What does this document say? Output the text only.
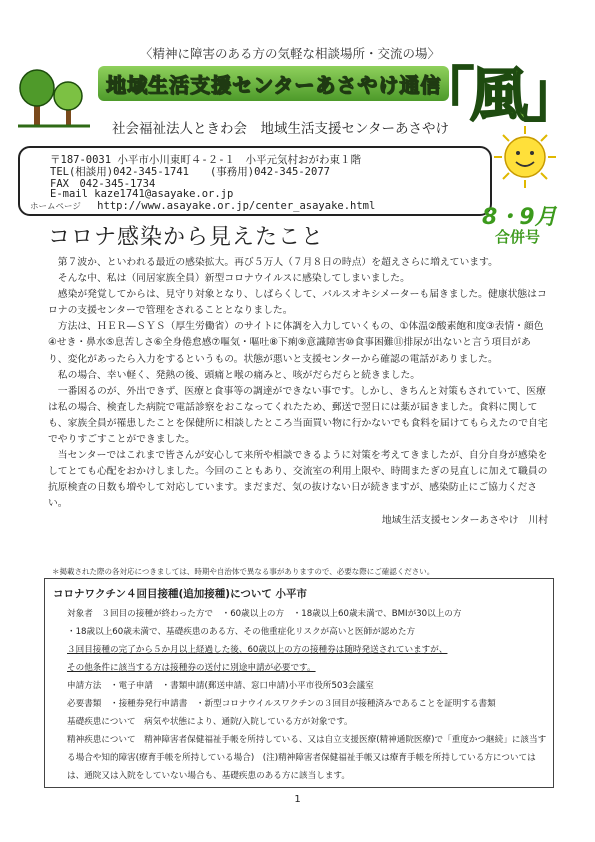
〈精神に障害のある方の気軽な相談場所・交流の場〉
地域生活支援センターあさやけ通信
「風」
社会福祉法人ときわ会　地域生活支援センターあさやけ
〒187-0031 小平市小川東町４-２-１　小平元気村おがわ東１階
TEL(相談用)042-345-1741　　(事務用)042-345-2077
FAX　042-345-1734
E-mail kaze1741@asayake.or.jp
ホームページ http://www.asayake.or.jp/center_asayake.html	8・9月
合併号
コロナ感染から見えたこと

第７波か、といわれる最近の感染拡大。再び５万人（７月８日の時点）を超えさらに増えています。

そんな中、私は（同居家族全員）新型コロナウイルスに感染してしまいました。

感染が発覚してからは、見守り対象となり、しばらくして、パルスオキシメーターも届きました。健康状態はコロナの支援センターで管理をされることとなりました。

方法は、ＨＥＲ—ＳＹＳ（厚生労働省）のサイトに体調を入力していくもの、①体温②酸素飽和度③表情・顔色④せき・鼻水⑤息苦しさ⑥全身倦怠感⑦嘔気・嘔吐⑧下痢⑨意識障害⑩食事困難⑪排尿が出ないと言う項目があり、変化があったら入力をするというもの。状態が悪いと支援センターから確認の電話がありました。

私の場合、幸い軽く、発熱の後、頭痛と喉の痛みと、咳がだらだらと続きました。

一番困るのが、外出できず、医療と食事等の調達ができない事です。しかし、きちんと対策もされていて、医療は私の場合、検査した病院で電話診察をおこなってくれたため、郵送で翌日には薬が届きました。食料に関しても、家族全員が罹患したことを保健所に相談したところ当面買い物に行かないでも食料を届けてもらえたので自宅でやりすごすことができました。

当センターではこれまで皆さんが安心して来所や相談できるように対策を考えてきましたが、自分自身が感染をしてとても心配をおかけしました。今回のこともあり、交流室の利用上限や、時間またぎの見直しに加えて職員の抗原検査の日数も増やして対応しています。まだまだ、気の抜けない日が続きますが、感染防止にご協力ください。

地域生活支援センターあさやけ　川村

＊掲載された際の各対応につきましては、時期や自治体で異なる事がありますので、必要な際にご確認ください。
コロナワクチン４回目接種(追加接種)について 小平市
対象者　３回目の接種が終わった方で　・60歳以上の方　・18歳以上60歳未満で、BMIが30以上の方
・18歳以上60歳未満で、基礎疾患のある方、その他重症化リスクが高いと医師が認めた方
３回目接種の完了から５か月以上経過した後、60歳以上の方の接種券は随時発送されていますが、
その他条件に該当する方は接種券の送付に別途申請が必要です。
申請方法　・電子申請　・書類申請(郵送申請、窓口申請)小平市役所503会議室
必要書類　・接種券発行申請書　・新型コロナウイルスワクチンの３回目が接種済みであることを証明する書類
基礎疾患について　病気や状態により、通院/入院している方が対象です。
精神疾患について　精神障害者保健福祉手帳を所持している、又は自立支援医療(精神通院医療)で「重度かつ継続」に該当す
る場合や知的障害(療育手帳を所持している場合)　(注)精神障害者保健福祉手帳又は療育手帳を所持している方については
は、通院又は入院をしていない場合も、基礎疾患のある方に該当します。
1
